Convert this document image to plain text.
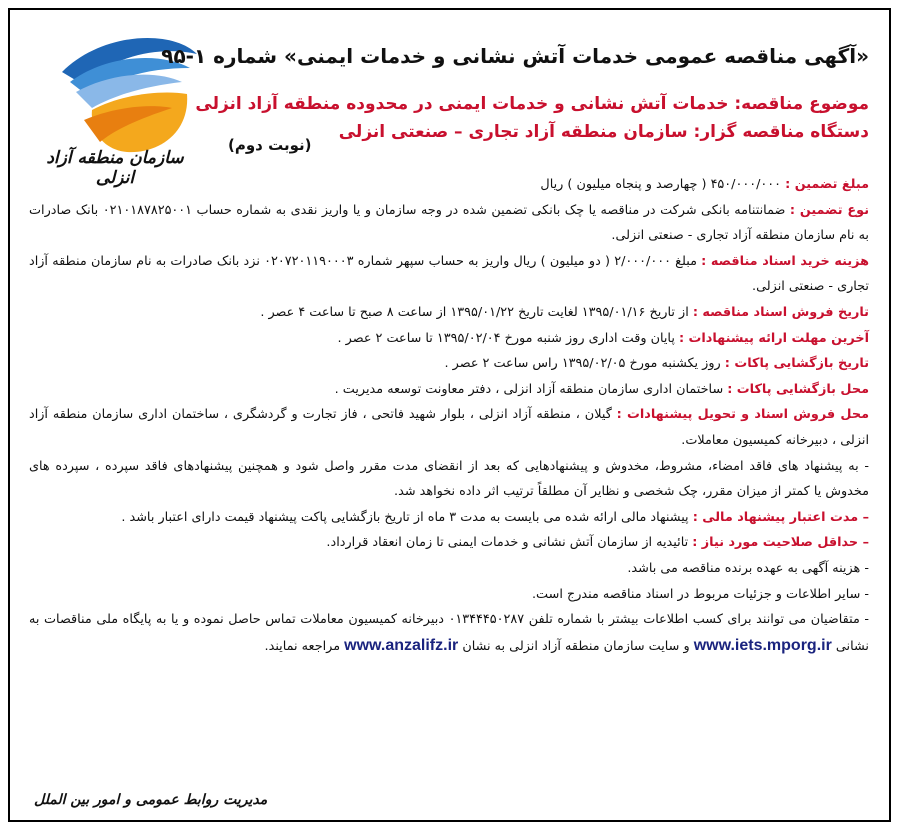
سازمان منطقه آزاد انزلی
«آگهی مناقصه عمومی خدمات آتش نشانی و خدمات ایمنی» شماره ۱-۹۵
موضوع مناقصه: خدمات آتش نشانی و خدمات ایمنی در محدوده منطقه آزاد انزلی
دستگاه مناقصه گزار: سازمان منطقه آزاد تجاری – صنعتی انزلی
(نوبت دوم)

مبلغ تضمین : ۴۵۰/۰۰۰/۰۰۰ ( چهارصد و پنجاه میلیون ) ریال

نوع تضمین : ضمانتنامه بانکی شرکت در مناقصه یا چک بانکی تضمین شده در وجه سازمان و یا واریز نقدی به شماره حساب ۰۲۱۰۱۸۷۸۲۵۰۰۱ بانک صادرات به نام سازمان منطقه آزاد تجاری - صنعتی انزلی.

هزینه خرید اسناد مناقصه : مبلغ ۲/۰۰۰/۰۰۰ ( دو میلیون ) ریال واریز به حساب سپهر شماره ۰۲۰۷۲۰۱۱۹۰۰۰۳ نزد بانک صادرات به نام سازمان منطقه آزاد تجاری - صنعتی انزلی.

تاریخ فروش اسناد مناقصه : از تاریخ ۱۳۹۵/۰۱/۱۶ لغایت تاریخ ۱۳۹۵/۰۱/۲۲ از ساعت ۸ صبح تا ساعت ۴ عصر .

آخرین مهلت ارائه پیشنهادات : پایان وقت اداری روز شنبه مورخ ۱۳۹۵/۰۲/۰۴ تا ساعت ۲ عصر .

تاریخ بازگشایی پاکات : روز یکشنبه مورخ ۱۳۹۵/۰۲/۰۵ راس ساعت ۲ عصر .

محل بازگشایی پاکات : ساختمان اداری سازمان منطقه آزاد انزلی ، دفتر معاونت توسعه مدیریت .

محل فروش اسناد و تحویل پیشنهادات : گیلان ، منطقه آزاد انزلی ، بلوار شهید فاتحی ، فاز تجارت و گردشگری ، ساختمان اداری سازمان منطقه آزاد انزلی ، دبیرخانه کمیسیون معاملات.

- به پیشنهاد های فاقد امضاء، مشروط، مخدوش و پیشنهادهایی که بعد از انقضای مدت مقرر واصل شود و همچنین پیشنهادهای فاقد سپرده ، سپرده های مخدوش یا کمتر از میزان مقرر، چک شخصی و نظایر آن مطلقاً ترتیب اثر داده نخواهد شد.

– مدت اعتبار پیشنهاد مالی : پیشنهاد مالی ارائه شده می بایست به مدت ۳ ماه از تاریخ بازگشایی پاکت پیشنهاد قیمت دارای اعتبار باشد .

– حداقل صلاحیت مورد نیاز : تائیدیه از سازمان آتش نشانی و خدمات ایمنی تا زمان انعقاد قرارداد.

- هزینه آگهی به عهده برنده مناقصه می باشد.

- سایر اطلاعات و جزئیات مربوط در اسناد مناقصه مندرج است.

- متقاضیان می توانند برای کسب اطلاعات بیشتر با شماره تلفن ۰۱۳۴۴۴۵۰۲۸۷ دبیرخانه کمیسیون معاملات تماس حاصل نموده و یا به پایگاه ملی مناقصات به نشانی www.iets.mporg.ir و سایت سازمان منطقه آزاد انزلی به نشان www.anzalifz.ir مراجعه نمایند.

مدیریت روابط عمومی و امور بین الملل
